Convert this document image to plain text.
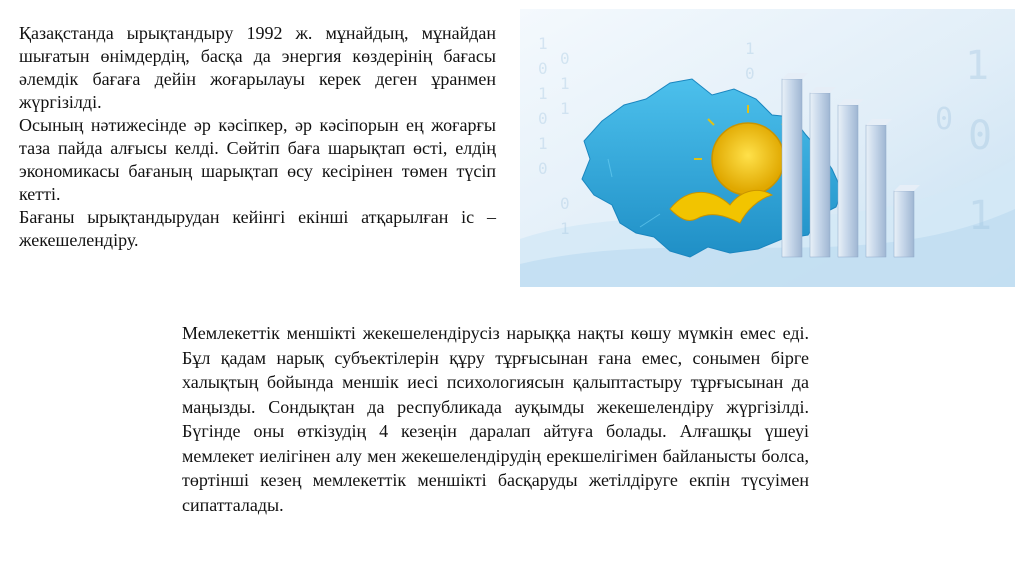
Қазақстанда ырықтандыру 1992 ж. мұнайдың, мұнайдан шығатын өнімдердің, басқа да энергия көздерінің бағасы әлемдік бағаға дейін жоғарылауы керек деген ұранмен жүргізілді.

Осының нәтижесінде әр кәсіпкер, әр кәсіпорын ең жоғарғы таза пайда алғысы келді. Сөйтіп баға шарықтап өсті, елдің экономикасы бағаның шарықтап өсу кесірінен төмен түсіп кетті.

Бағаны ырықтандырудан кейінгі екінші атқарылған іс – жекешелендіру.

1
0
1
0
1
0
0
1
1
0
1
1
0	1
0
1
0

Мемлекеттік меншікті жекешелендірусіз нарыққа нақты көшу мүмкін емес еді. Бұл қадам нарық субъектілерін құру тұрғысынан ғана емес, сонымен бірге халықтың бойында меншік иесі психологиясын қалыптастыру тұрғысынан да маңызды. Сондықтан да республикада ауқымды жекешелендіру жүргізілді. Бүгінде оны өткізудің 4 кезеңін даралап айтуға болады. Алғашқы үшеуі мемлекет иелігінен алу мен жекешелендірудің ерекшелігімен байланысты болса, төртінші кезең мемлекеттік меншікті басқаруды жетілдіруге екпін түсуімен сипатталады.
